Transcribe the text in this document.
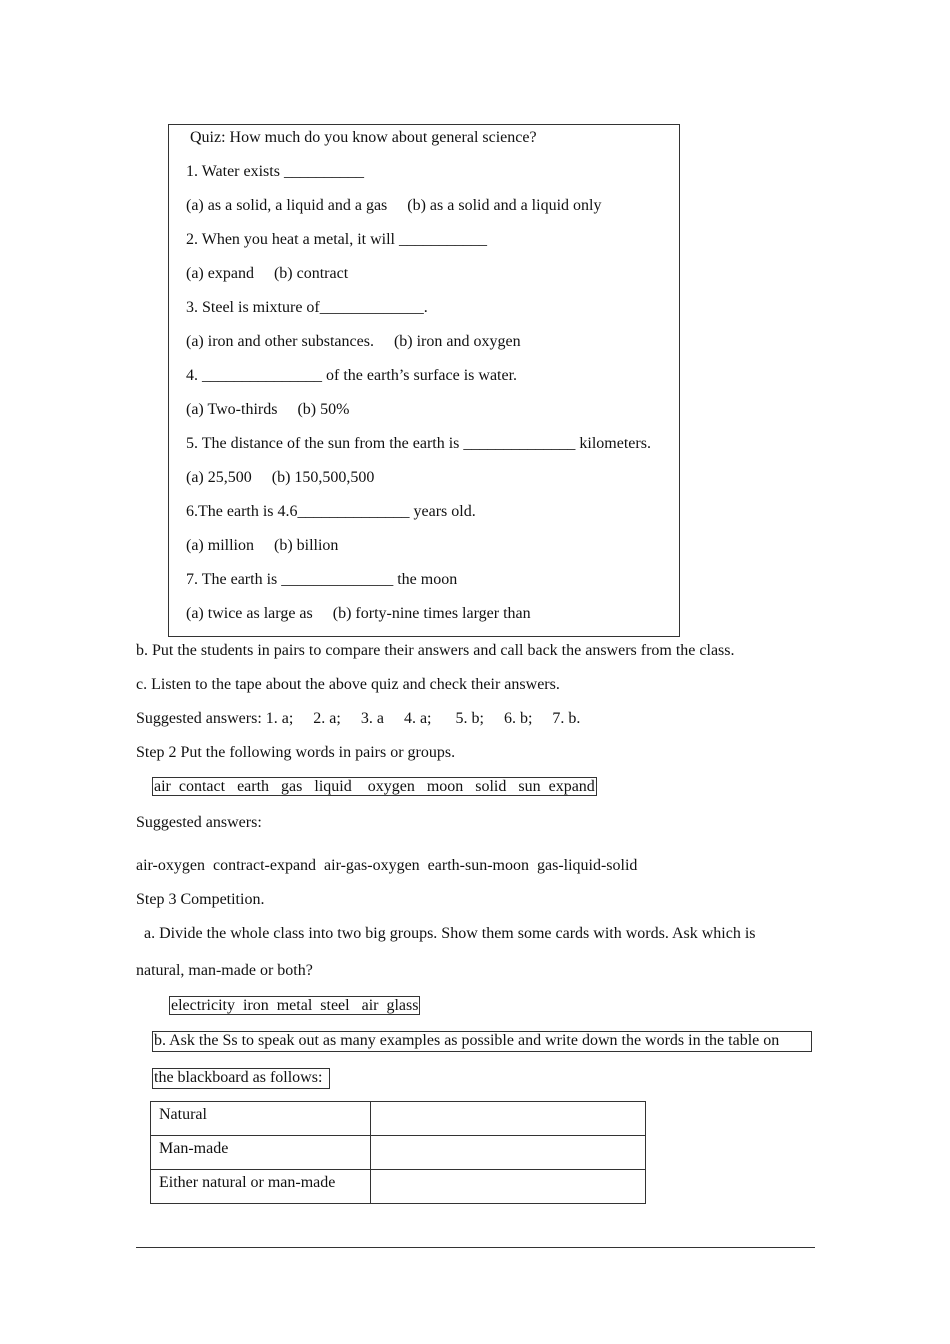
Quiz: How much do you know about general science?
1. Water exists __________
(a) as a solid, a liquid and a gas     (b) as a solid and a liquid only
2. When you heat a metal, it will ___________
(a) expand     (b) contract
3. Steel is mixture of_____________.
(a) iron and other substances.     (b) iron and oxygen
4. _______________ of the earth’s surface is water.
(a) Two-thirds     (b) 50%
5. The distance of the sun from the earth is ______________ kilometers.
(a) 25,500     (b) 150,500,500
6.The earth is 4.6______________ years old.
(a) million     (b) billion
7. The earth is ______________ the moon
(a) twice as large as     (b) forty-nine times larger than
b. Put the students in pairs to compare their answers and call back the answers from the class.
c. Listen to the tape about the above quiz and check their answers.
Suggested answers: 1. a;     2. a;     3. a     4. a;      5. b;     6. b;     7. b.
Step 2 Put the following words in pairs or groups.
air  contact   earth   gas   liquid    oxygen   moon   solid   sun  expand
Suggested answers:
air-oxygen  contract-expand  air-gas-oxygen  earth-sun-moon  gas-liquid-solid
Step 3 Competition.
a. Divide the whole class into two big groups. Show them some cards with words. Ask which is
natural, man-made or both?
electricity  iron  metal  steel   air  glass
b. Ask the Ss to speak out as many examples as possible and write down the words in the table on
the blackboard as follows:
Natural	
Man-made	
Either natural or man-made	
